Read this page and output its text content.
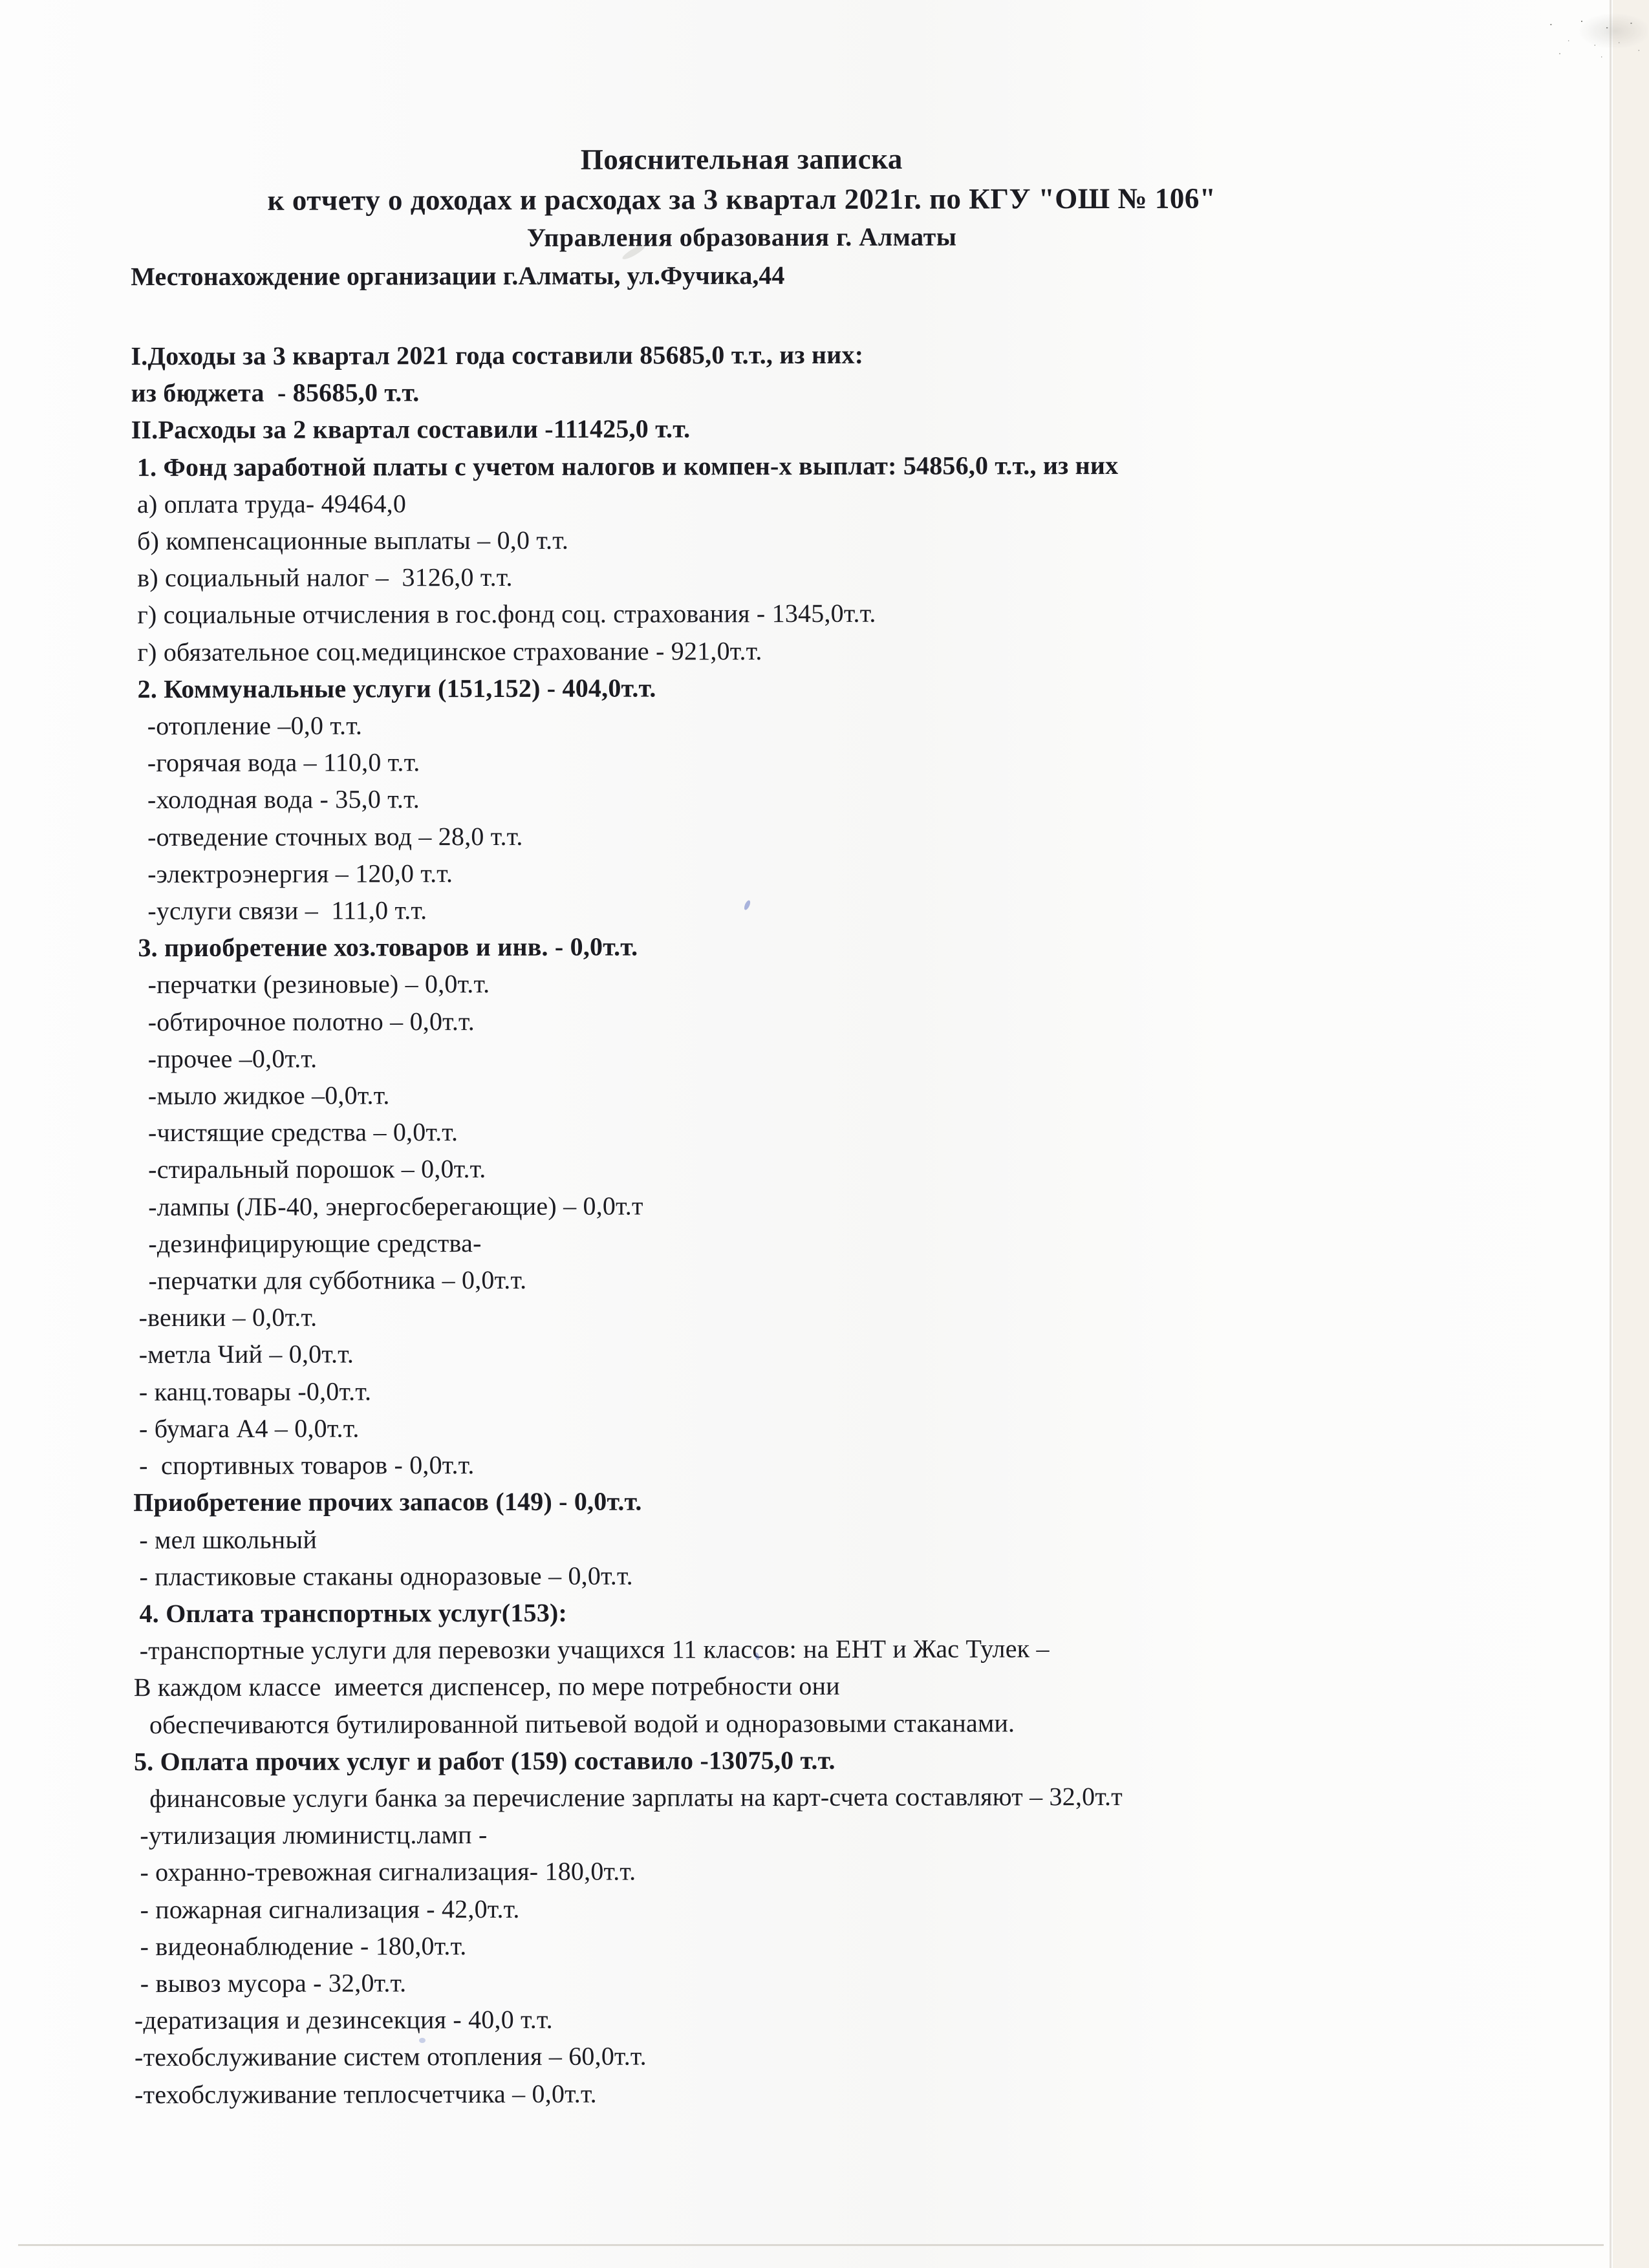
Пояснительная записка

к отчету о доходах и расходах за 3 квартал 2021г. по КГУ "ОШ № 106"

Управления образования г. Алматы

Местонахождение организации г.Алматы, ул.Фучика,44

I.Доходы за 3 квартал 2021 года составили 85685,0 т.т., из них:

из бюджета  - 85685,0 т.т.

II.Расходы за 2 квартал составили -111425,0 т.т.

1. Фонд заработной платы с учетом налогов и компен-х выплат: 54856,0 т.т., из них

а) оплата труда- 49464,0

б) компенсационные выплаты – 0,0 т.т.

в) социальный налог –  3126,0 т.т.

г) социальные отчисления в гос.фонд соц. страхования - 1345,0т.т.

г) обязательное соц.медицинское страхование - 921,0т.т.

2. Коммунальные услуги (151,152) - 404,0т.т.

-отопление –0,0 т.т.

-горячая вода – 110,0 т.т.

-холодная вода - 35,0 т.т.

-отведение сточных вод – 28,0 т.т.

-электроэнергия – 120,0 т.т.

-услуги связи –  111,0 т.т.

3. приобретение хоз.товаров и инв. - 0,0т.т.

-перчатки (резиновые) – 0,0т.т.

-обтирочное полотно – 0,0т.т.

-прочее –0,0т.т.

-мыло жидкое –0,0т.т.

-чистящие средства – 0,0т.т.

-стиральный порошок – 0,0т.т.

-лампы (ЛБ-40, энергосберегающие) – 0,0т.т

-дезинфицирующие средства-

-перчатки для субботника – 0,0т.т.

-веники – 0,0т.т.

-метла Чий – 0,0т.т.

- канц.товары -0,0т.т.

- бумага А4 – 0,0т.т.

-  спортивных товаров - 0,0т.т.

Приобретение прочих запасов (149) - 0,0т.т.

- мел школьный

- пластиковые стаканы одноразовые – 0,0т.т.

4. Оплата транспортных услуг(153):

-транспортные услуги для перевозки учащихся 11 классов: на ЕНТ и Жас Тулек –

В каждом классе  имеется диспенсер, по мере потребности они

обеспечиваются бутилированной питьевой водой и одноразовыми стаканами.

5. Оплата прочих услуг и работ (159) составило -13075,0 т.т.

финансовые услуги банка за перечисление зарплаты на карт-счета составляют – 32,0т.т

-утилизация люминистц.ламп -

- охранно-тревожная сигнализация- 180,0т.т.

- пожарная сигнализация - 42,0т.т.

- видеонаблюдение - 180,0т.т.

- вывоз мусора - 32,0т.т.

-дератизация и дезинсекция - 40,0 т.т.

-техобслуживание систем отопления – 60,0т.т.

-техобслуживание теплосчетчика – 0,0т.т.
